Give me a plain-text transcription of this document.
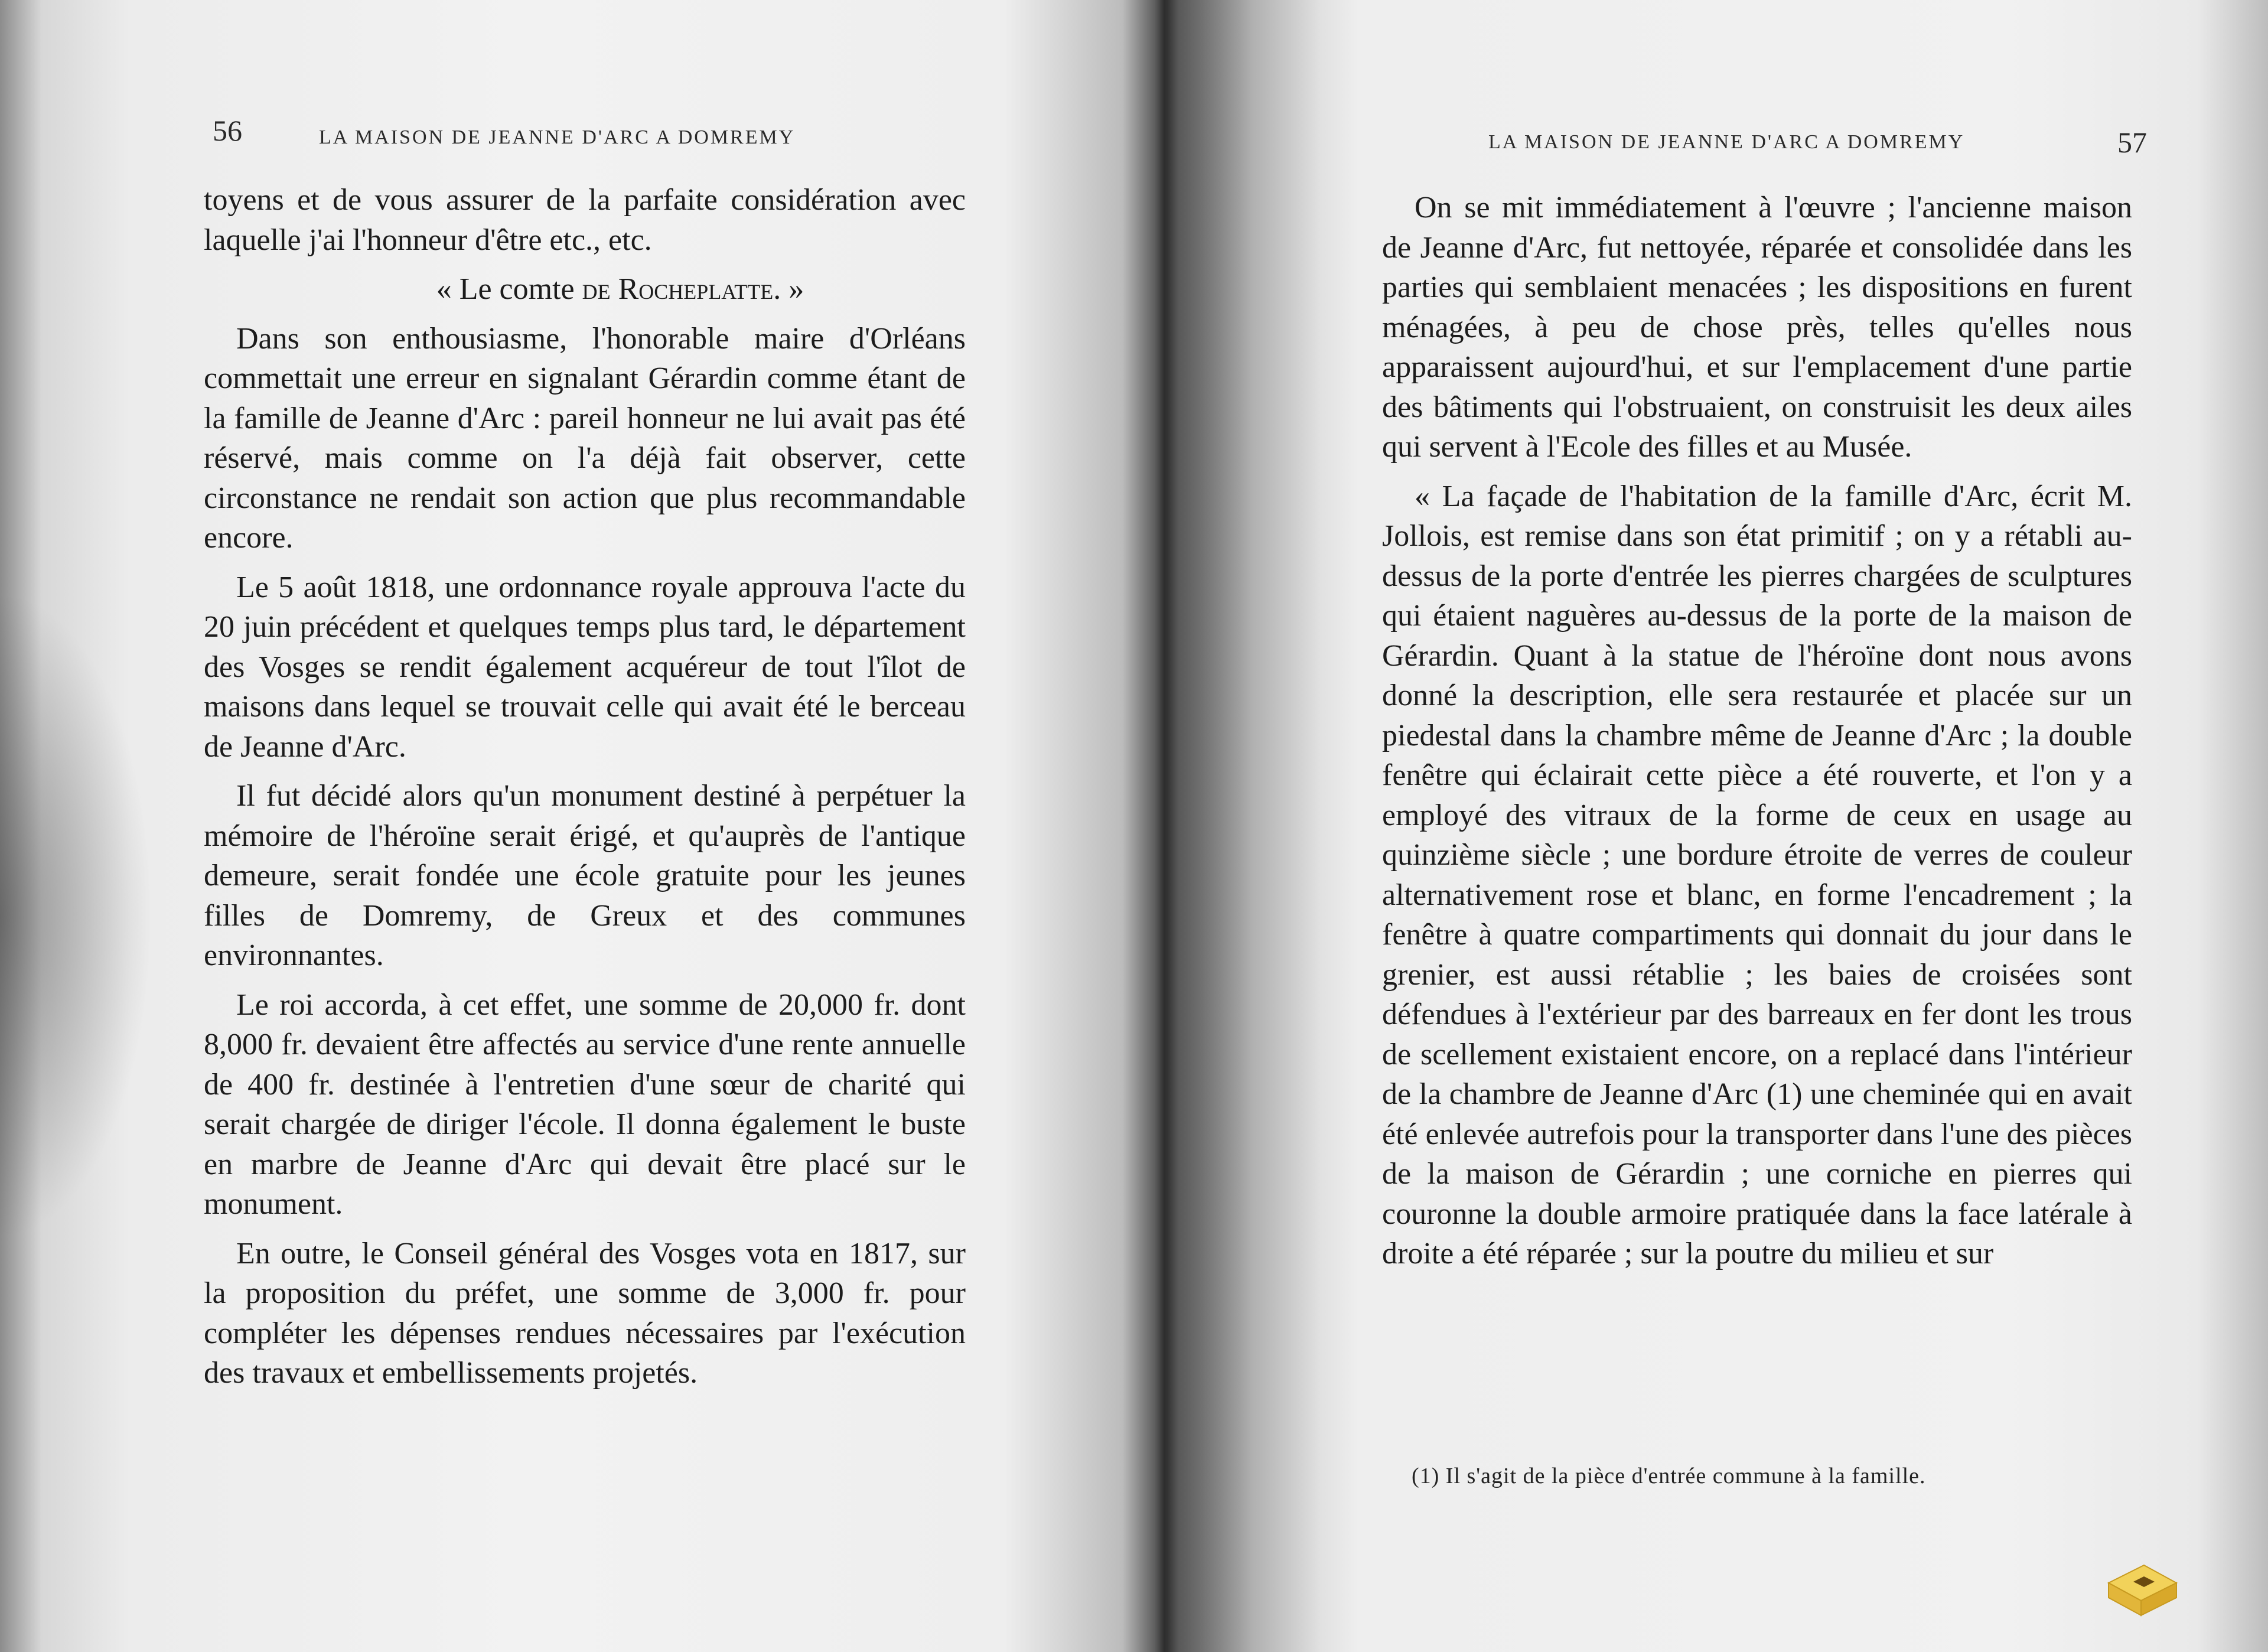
56	LA MAISON DE JEANNE D'ARC A DOMREMY

toyens et de vous assurer de la parfaite considération avec laquelle j'ai l'honneur d'être etc., etc.

« Le comte de Rocheplatte. »

Dans son enthousiasme, l'honorable maire d'Orléans commettait une erreur en signalant Gérardin comme étant de la famille de Jeanne d'Arc : pareil honneur ne lui avait pas été réservé, mais comme on l'a déjà fait observer, cette circonstance ne rendait son action que plus recommandable encore.

Le 5 août 1818, une ordonnance royale approuva l'acte du 20 juin précédent et quelques temps plus tard, le département des Vosges se rendit également acquéreur de tout l'îlot de maisons dans lequel se trouvait celle qui avait été le berceau de Jeanne d'Arc.

Il fut décidé alors qu'un monument destiné à perpétuer la mémoire de l'héroïne serait érigé, et qu'auprès de l'antique demeure, serait fondée une école gratuite pour les jeunes filles de Domremy, de Greux et des communes environnantes.

Le roi accorda, à cet effet, une somme de 20,000 fr. dont 8,000 fr. devaient être affectés au service d'une rente annuelle de 400 fr. destinée à l'entretien d'une sœur de charité qui serait chargée de diriger l'école. Il donna également le buste en marbre de Jeanne d'Arc qui devait être placé sur le monument.

En outre, le Conseil général des Vosges vota en 1817, sur la proposition du préfet, une somme de 3,000 fr. pour compléter les dépenses rendues nécessaires par l'exécution des travaux et embellissements projetés.

LA MAISON DE JEANNE D'ARC A DOMREMY	57

On se mit immédiatement à l'œuvre ; l'ancienne maison de Jeanne d'Arc, fut nettoyée, réparée et consolidée dans les parties qui semblaient menacées ; les dispositions en furent ménagées, à peu de chose près, telles qu'elles nous apparaissent aujourd'hui, et sur l'emplacement d'une partie des bâtiments qui l'obstruaient, on construisit les deux ailes qui servent à l'Ecole des filles et au Musée.

« La façade de l'habitation de la famille d'Arc, écrit M. Jollois, est remise dans son état primitif ; on y a rétabli au-dessus de la porte d'entrée les pierres chargées de sculptures qui étaient naguères au-dessus de la porte de la maison de Gérardin. Quant à la statue de l'héroïne dont nous avons donné la description, elle sera restaurée et placée sur un piedestal dans la chambre même de Jeanne d'Arc ; la double fenêtre qui éclairait cette pièce a été rouverte, et l'on y a employé des vitraux de la forme de ceux en usage au quinzième siècle ; une bordure étroite de verres de couleur alternativement rose et blanc, en forme l'encadrement ; la fenêtre à quatre compartiments qui donnait du jour dans le grenier, est aussi rétablie ; les baies de croisées sont défendues à l'extérieur par des barreaux en fer dont les trous de scellement existaient encore, on a replacé dans l'intérieur de la chambre de Jeanne d'Arc (1) une cheminée qui en avait été enlevée autrefois pour la transporter dans l'une des pièces de la maison de Gérardin ; une corniche en pierres qui couronne la double armoire pratiquée dans la face latérale à droite a été réparée ; sur la poutre du milieu et sur

(1) Il s'agit de la pièce d'entrée commune à la famille.
